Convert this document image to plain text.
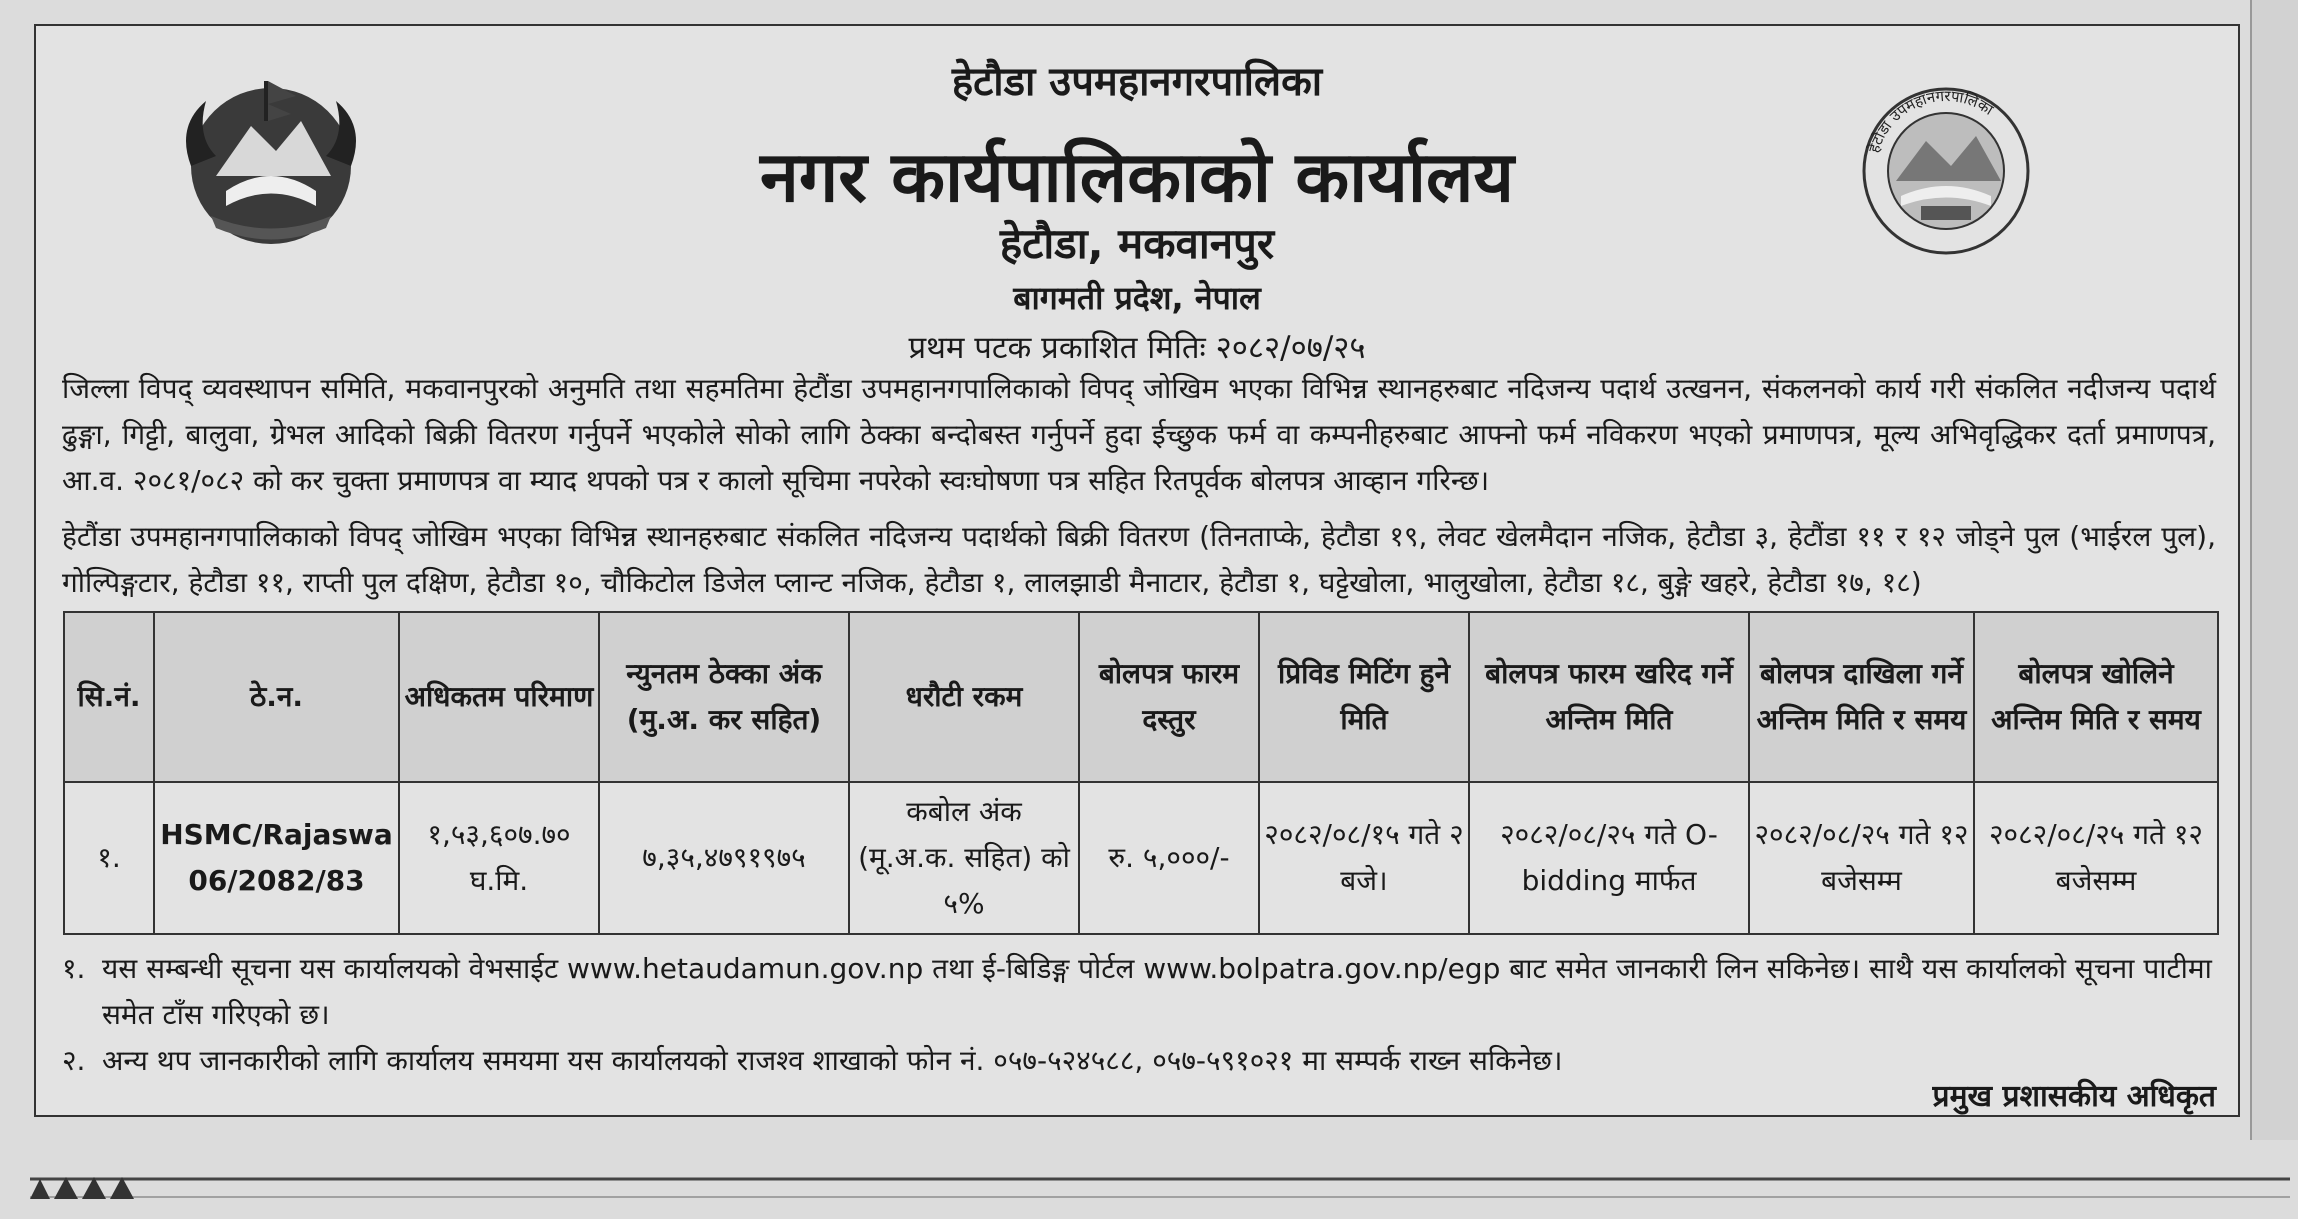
हेटौडा उपमहानगरपालिका
हेटौडा उपमहानगरपालिका
नगर कार्यपालिकाको कार्यालय
हेटौडा, मकवानपुर
बागमती प्रदेश, नेपाल
प्रथम पटक प्रकाशित मितिः २०८२/०७/२५
जिल्ला विपद् व्यवस्थापन समिति, मकवानपुरको अनुमति तथा सहमतिमा हेटौंडा उपमहानगपालिकाको विपद् जोखिम भएका विभिन्न स्थानहरुबाट नदिजन्य पदार्थ उत्खनन, संकलनको कार्य गरी संकलित नदीजन्य पदार्थ ढुङ्गा, गिट्टी, बालुवा, ग्रेभल आदिको बिक्री वितरण गर्नुपर्ने भएकोले सोको लागि ठेक्का बन्दोबस्त गर्नुपर्ने हुदा ईच्छुक फर्म वा कम्पनीहरुबाट आफ्नो फर्म नविकरण भएको प्रमाणपत्र, मूल्य अभिवृद्धिकर दर्ता प्रमाणपत्र, आ.व. २०८१/०८२ को कर चुक्ता प्रमाणपत्र वा म्याद थपको पत्र र कालो सूचिमा नपरेको स्वःघोषणा पत्र सहित रितपूर्वक बोलपत्र आव्हान गरिन्छ।
हेटौंडा उपमहानगपालिकाको विपद् जोखिम भएका विभिन्न स्थानहरुबाट संकलित नदिजन्य पदार्थको बिक्री वितरण (तिनताप्के, हेटौडा १९, लेवट खेलमैदान नजिक, हेटौडा ३, हेटौंडा ११ र १२ जोड्ने पुल (भाईरल पुल), गोल्पिङ्गटार, हेटौडा ११, राप्ती पुल दक्षिण, हेटौडा १०, चौकिटोल डिजेल प्लान्ट नजिक, हेटौडा १, लालझाडी मैनाटार, हेटौडा १, घट्टेखोला, भालुखोला, हेटौडा १८, बुङ्गे खहरे, हेटौडा १७, १८)
सि.नं.	ठे.न.	अधिकतम परिमाण	न्युनतम ठेक्का अंक (मु.अ. कर सहित)	धरौटी रकम	बोलपत्र फारम दस्तुर	प्रिविड मिटिंग हुने मिति	बोलपत्र फारम खरिद गर्ने अन्तिम मिति	बोलपत्र दाखिला गर्ने अन्तिम मिति र समय	बोलपत्र खोलिने अन्तिम मिति र समय
१.	HSMC/Rajaswa 06/2082/83	१,५३,६०७.७० घ.मि.	७,३५,४७९१९७५	कबोल अंक (मू.अ.क. सहित) को ५%	रु. ५,०००/-	२०८२/०८/१५ गते २ बजे।	२०८२/०८/२५ गते O-bidding मार्फत	२०८२/०८/२५ गते १२ बजेसम्म	२०८२/०८/२५ गते १२ बजेसम्म
१. यस सम्बन्धी सूचना यस कार्यालयको वेभसाईट www.hetaudamun.gov.np तथा ई-बिडिङ्ग पोर्टल www.bolpatra.gov.np/egp बाट समेत जानकारी लिन सकिनेछ। साथै यस कार्यालको सूचना पाटीमा समेत टाँस गरिएको छ।
२. अन्य थप जानकारीको लागि कार्यालय समयमा यस कार्यालयको राजश्व शाखाको फोन नं. ०५७-५२४५८८, ०५७-५९१०२१ मा सम्पर्क राख्न सकिनेछ।
प्रमुख प्रशासकीय अधिकृत
